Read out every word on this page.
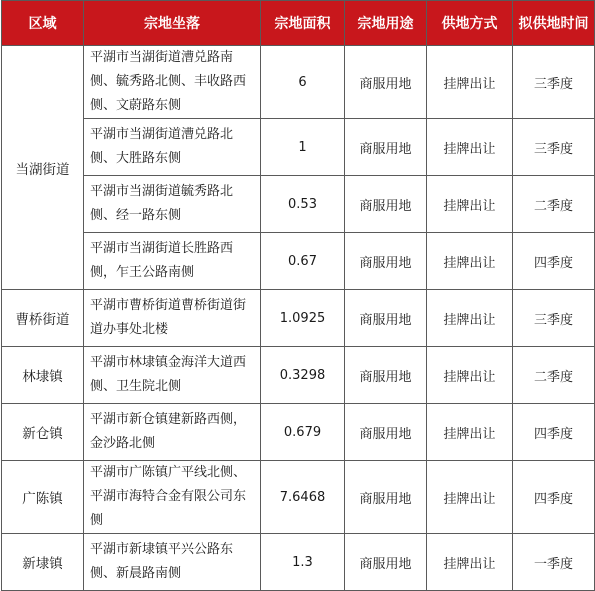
区域	宗地坐落	宗地面积	宗地用途	供地方式	拟供地时间
当湖街道	平湖市当湖街道漕兑路南侧、毓秀路北侧、丰收路西侧、文蔚路东侧	6	商服用地	挂牌出让	三季度
	平湖市当湖街道漕兑路北侧、大胜路东侧	1	商服用地	挂牌出让	三季度
	平湖市当湖街道毓秀路北侧、经一路东侧	0.53	商服用地	挂牌出让	二季度
	平湖市当湖街道长胜路西侧，乍王公路南侧	0.67	商服用地	挂牌出让	四季度
曹桥街道	平湖市曹桥街道曹桥街道街道办事处北楼	1.0925	商服用地	挂牌出让	三季度
林埭镇	平湖市林埭镇金海洋大道西侧、卫生院北侧	0.3298	商服用地	挂牌出让	二季度
新仓镇	平湖市新仓镇建新路西侧，金沙路北侧	0.679	商服用地	挂牌出让	四季度
广陈镇	平湖市广陈镇广平线北侧、平湖市海特合金有限公司东侧	7.6468	商服用地	挂牌出让	四季度
新埭镇	平湖市新埭镇平兴公路东侧、新晨路南侧	1.3	商服用地	挂牌出让	一季度
